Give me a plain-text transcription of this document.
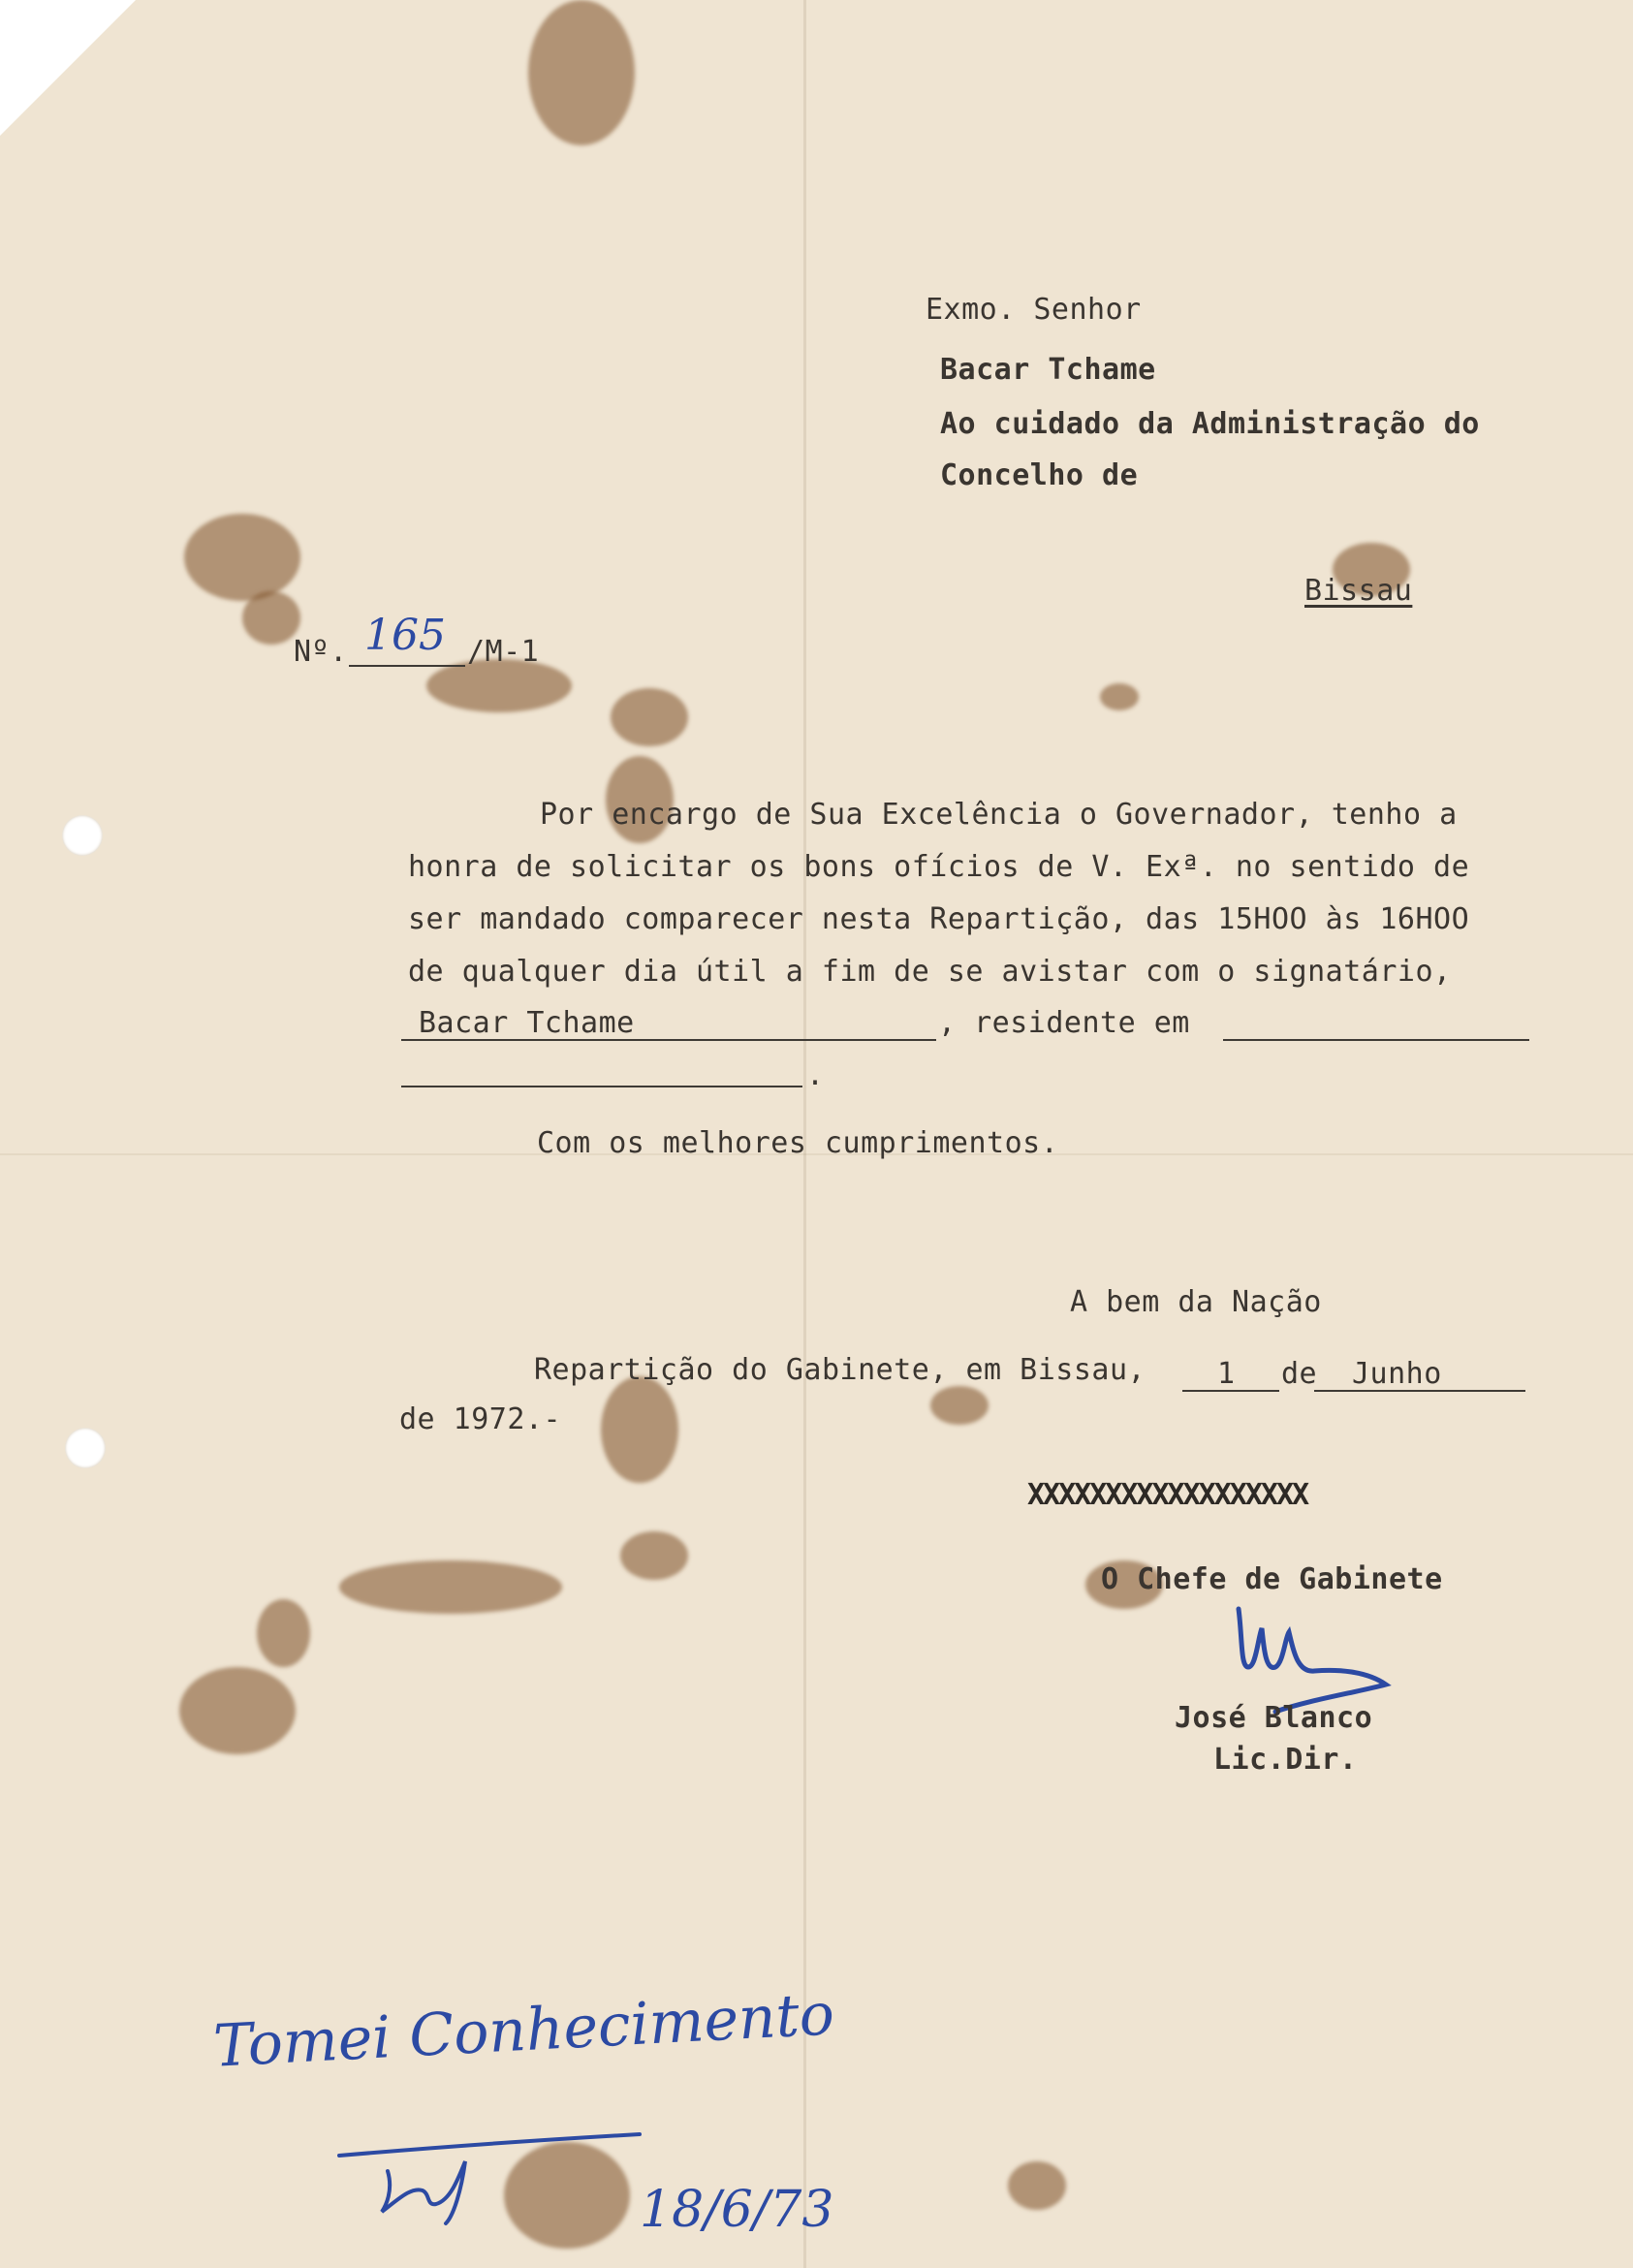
Exmo. Senhor
Bacar Tchame
Ao cuidado da Administração do
Concelho de
Bissau
Nº. 165 /M-1
Por encargo de Sua Excelência o Governador, tenho a
honra de solicitar os bons ofícios de V. Exª. no sentido de
ser mandado comparecer nesta Repartição, das 15HOO às 16HOO
de qualquer dia útil a fim de se avistar com o signatário,
Bacar Tchame	, residente em
.
Com os melhores cumprimentos.
A bem da Nação
Repartição do Gabinete, em Bissau, 1 de Junho
de 1972.-
XXXXXXXXXXXXXXXXXX
O Chefe de Gabinete
José Blanco
Lic.Dir.
Tomei Conhecimento
18/6/73
